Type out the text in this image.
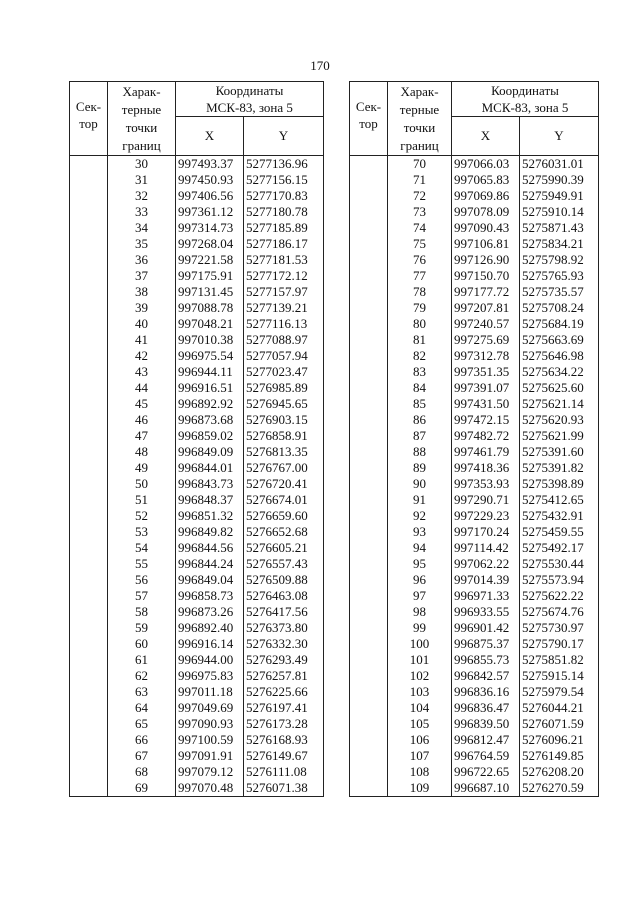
170
Сек-
тор	Харак-
терные
точки
границ	Координаты
МСК-83, зона 5	
		X	Y
	30	997493.37	5277136.96
	31	997450.93	5277156.15
	32	997406.56	5277170.83
	33	997361.12	5277180.78
	34	997314.73	5277185.89
	35	997268.04	5277186.17
	36	997221.58	5277181.53
	37	997175.91	5277172.12
	38	997131.45	5277157.97
	39	997088.78	5277139.21
	40	997048.21	5277116.13
	41	997010.38	5277088.97
	42	996975.54	5277057.94
	43	996944.11	5277023.47
	44	996916.51	5276985.89
	45	996892.92	5276945.65
	46	996873.68	5276903.15
	47	996859.02	5276858.91
	48	996849.09	5276813.35
	49	996844.01	5276767.00
	50	996843.73	5276720.41
	51	996848.37	5276674.01
	52	996851.32	5276659.60
	53	996849.82	5276652.68
	54	996844.56	5276605.21
	55	996844.24	5276557.43
	56	996849.04	5276509.88
	57	996858.73	5276463.08
	58	996873.26	5276417.56
	59	996892.40	5276373.80
	60	996916.14	5276332.30
	61	996944.00	5276293.49
	62	996975.83	5276257.81
	63	997011.18	5276225.66
	64	997049.69	5276197.41
	65	997090.93	5276173.28
	66	997100.59	5276168.93
	67	997091.91	5276149.67
	68	997079.12	5276111.08
	69	997070.48	5276071.38
Сек-
тор	Харак-
терные
точки
границ	Координаты
МСК-83, зона 5	
		X	Y
	70	997066.03	5276031.01
	71	997065.83	5275990.39
	72	997069.86	5275949.91
	73	997078.09	5275910.14
	74	997090.43	5275871.43
	75	997106.81	5275834.21
	76	997126.90	5275798.92
	77	997150.70	5275765.93
	78	997177.72	5275735.57
	79	997207.81	5275708.24
	80	997240.57	5275684.19
	81	997275.69	5275663.69
	82	997312.78	5275646.98
	83	997351.35	5275634.22
	84	997391.07	5275625.60
	85	997431.50	5275621.14
	86	997472.15	5275620.93
	87	997482.72	5275621.99
	88	997461.79	5275391.60
	89	997418.36	5275391.82
	90	997353.93	5275398.89
	91	997290.71	5275412.65
	92	997229.23	5275432.91
	93	997170.24	5275459.55
	94	997114.42	5275492.17
	95	997062.22	5275530.44
	96	997014.39	5275573.94
	97	996971.33	5275622.22
	98	996933.55	5275674.76
	99	996901.42	5275730.97
	100	996875.37	5275790.17
	101	996855.73	5275851.82
	102	996842.57	5275915.14
	103	996836.16	5275979.54
	104	996836.47	5276044.21
	105	996839.50	5276071.59
	106	996812.47	5276096.21
	107	996764.59	5276149.85
	108	996722.65	5276208.20
	109	996687.10	5276270.59
